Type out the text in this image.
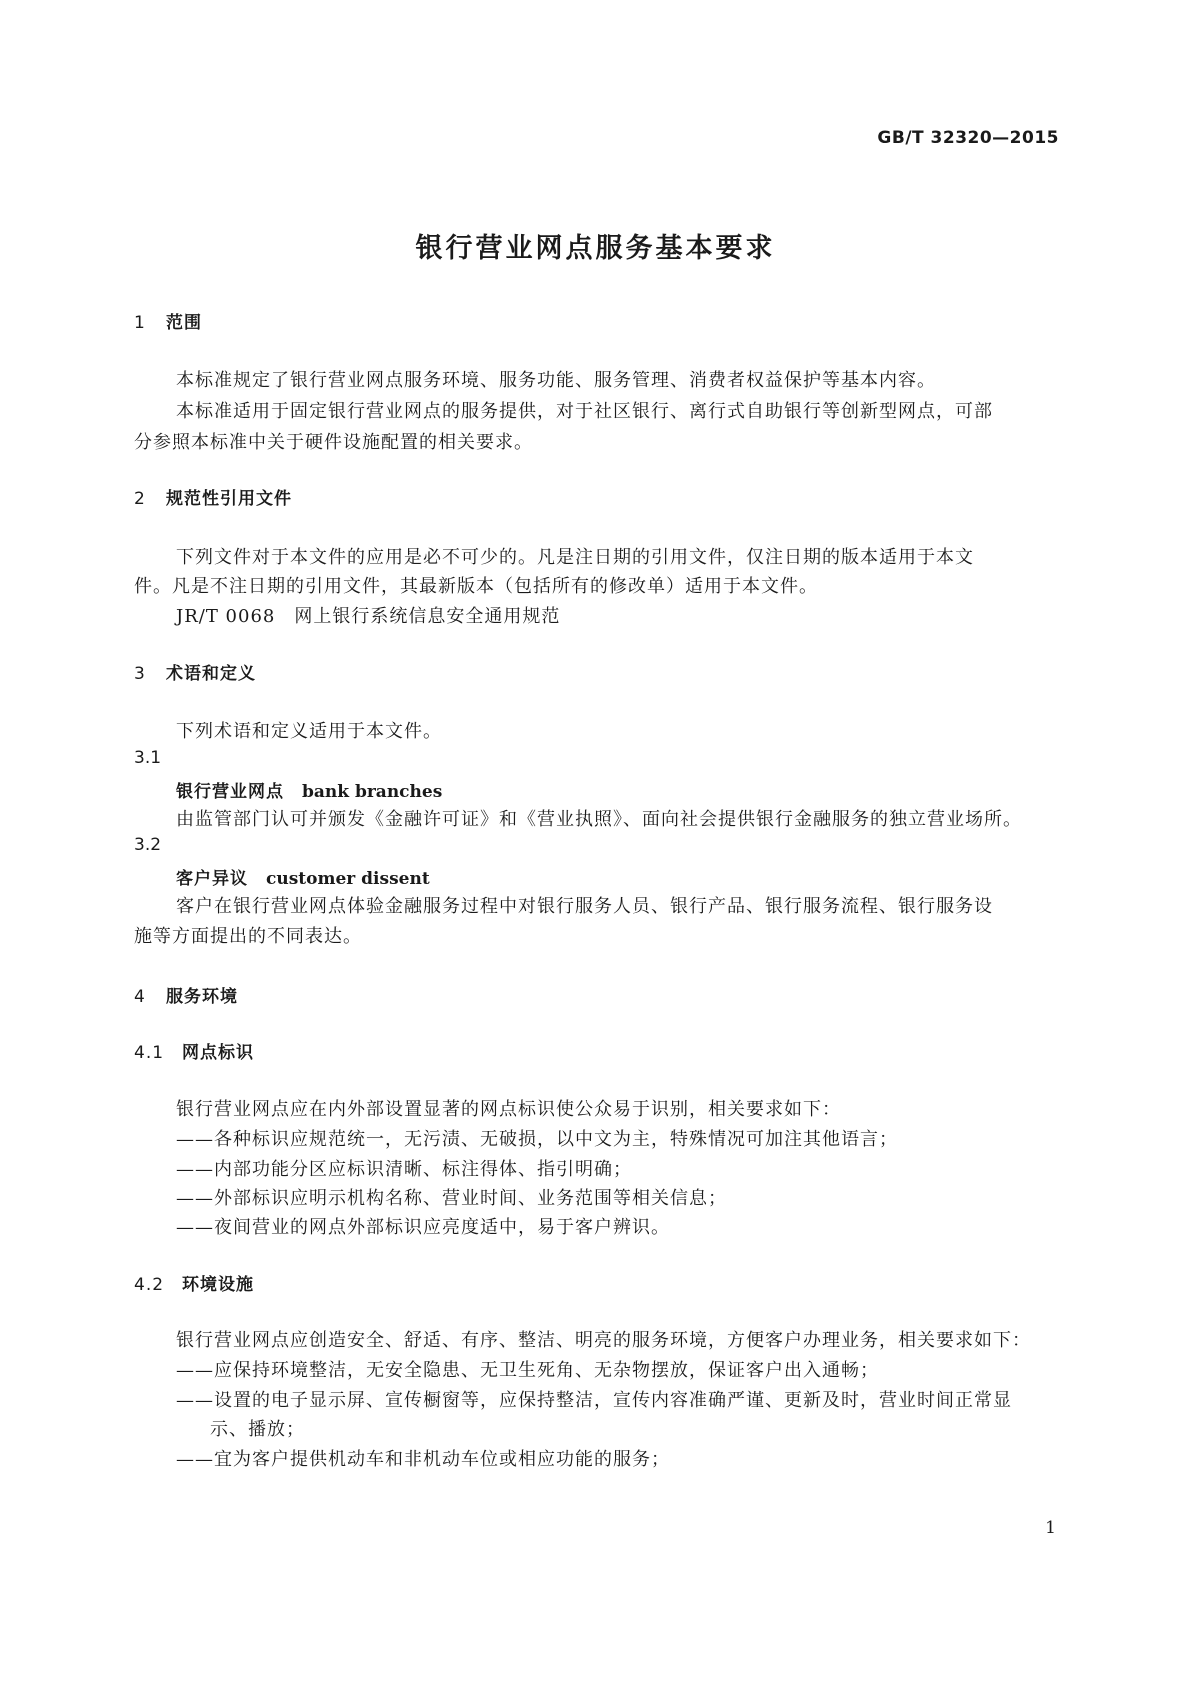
GB/T 32320—2015
银行营业网点服务基本要求
1 范围
本标准规定了银行营业网点服务环境、服务功能、服务管理、消费者权益保护等基本内容。
本标准适用于固定银行营业网点的服务提供，对于社区银行、离行式自助银行等创新型网点，可部
分参照本标准中关于硬件设施配置的相关要求。
2 规范性引用文件
下列文件对于本文件的应用是必不可少的。凡是注日期的引用文件，仅注日期的版本适用于本文
件。凡是不注日期的引用文件，其最新版本（包括所有的修改单）适用于本文件。
JR/T 0068　网上银行系统信息安全通用规范
3 术语和定义
下列术语和定义适用于本文件。
3.1
银行营业网点 bank branches
由监管部门认可并颁发《金融许可证》和《营业执照》、面向社会提供银行金融服务的独立营业场所。
3.2
客户异议 customer dissent
客户在银行营业网点体验金融服务过程中对银行服务人员、银行产品、银行服务流程、银行服务设
施等方面提出的不同表达。
4 服务环境
4.1 网点标识
银行营业网点应在内外部设置显著的网点标识使公众易于识别，相关要求如下：
——各种标识应规范统一，无污渍、无破损，以中文为主，特殊情况可加注其他语言；
——内部功能分区应标识清晰、标注得体、指引明确；
——外部标识应明示机构名称、营业时间、业务范围等相关信息；
——夜间营业的网点外部标识应亮度适中，易于客户辨识。
4.2 环境设施
银行营业网点应创造安全、舒适、有序、整洁、明亮的服务环境，方便客户办理业务，相关要求如下：
——应保持环境整洁，无安全隐患、无卫生死角、无杂物摆放，保证客户出入通畅；
——设置的电子显示屏、宣传橱窗等，应保持整洁，宣传内容准确严谨、更新及时，营业时间正常显
示、播放；
——宜为客户提供机动车和非机动车位或相应功能的服务；
1
